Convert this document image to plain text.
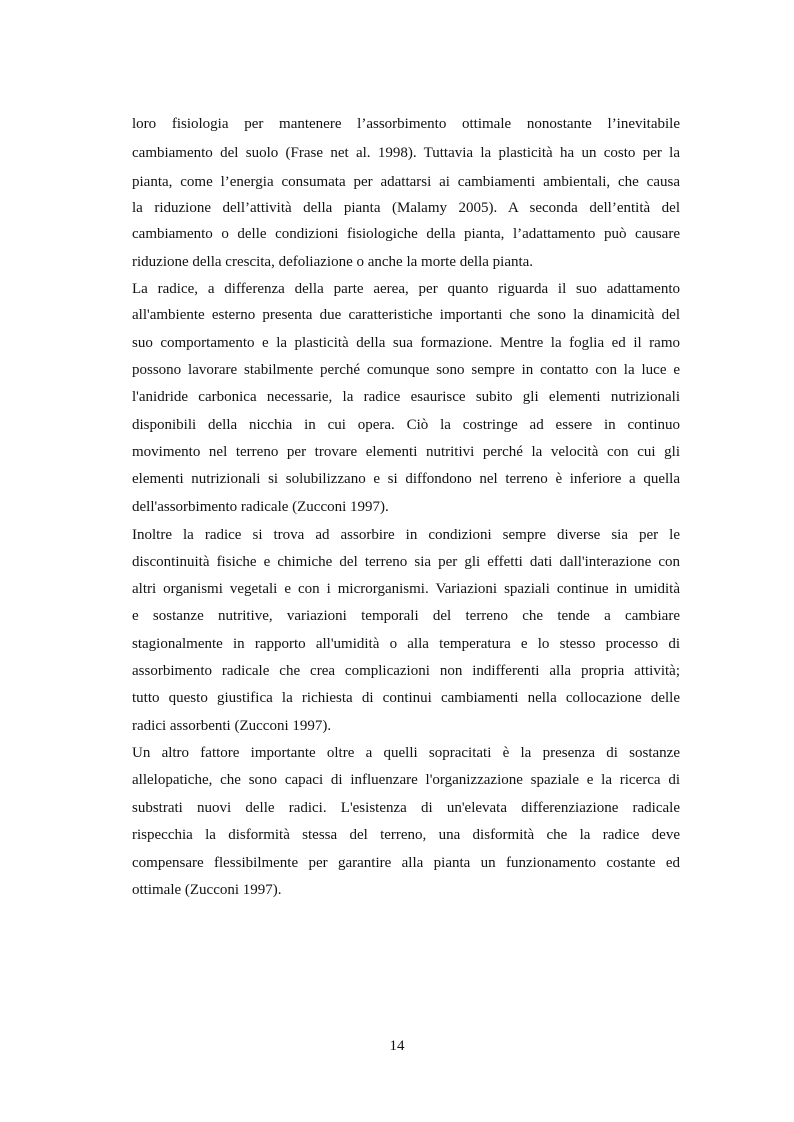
loro fisiologia per mantenere l’assorbimento ottimale nonostante l’inevitabile
cambiamento del suolo (Frase net al. 1998). Tuttavia la plasticità ha un costo per la
pianta, come l’energia consumata per adattarsi ai cambiamenti ambientali, che causa
la riduzione dell’attività della pianta (Malamy 2005). A seconda dell’entità del
cambiamento o delle condizioni fisiologiche della pianta, l’adattamento può causare
riduzione della crescita, defoliazione o anche la morte della pianta.
La radice, a differenza della parte aerea, per quanto riguarda il suo adattamento
all'ambiente esterno presenta due caratteristiche importanti che sono la dinamicità del
suo comportamento e la plasticità della sua formazione. Mentre la foglia ed il ramo
possono lavorare stabilmente perché comunque sono sempre in contatto con la luce e
l'anidride carbonica necessarie, la radice esaurisce subito gli elementi nutrizionali
disponibili della nicchia in cui opera. Ciò la costringe ad essere in continuo
movimento nel terreno per trovare elementi nutritivi perché la velocità con cui gli
elementi nutrizionali si solubilizzano e si diffondono nel terreno è inferiore a quella
dell'assorbimento radicale (Zucconi 1997).
Inoltre la radice si trova ad assorbire in condizioni sempre diverse sia per le
discontinuità fisiche e chimiche del terreno sia per gli effetti dati dall'interazione con
altri organismi vegetali e con i microrganismi. Variazioni spaziali continue in umidità
e sostanze nutritive, variazioni temporali del terreno che tende a cambiare
stagionalmente in rapporto all'umidità o alla temperatura e lo stesso processo di
assorbimento radicale che crea complicazioni non indifferenti alla propria attività;
tutto questo giustifica la richiesta di continui cambiamenti nella collocazione delle
radici assorbenti (Zucconi 1997).
Un altro fattore importante oltre a quelli sopracitati è la presenza di sostanze
allelopatiche, che sono capaci di influenzare l'organizzazione spaziale e la ricerca di
substrati nuovi delle radici. L'esistenza di un'elevata differenziazione radicale
rispecchia la disformità stessa del terreno, una disformità che la radice deve
compensare flessibilmente per garantire alla pianta un funzionamento costante ed
ottimale (Zucconi 1997).
14
